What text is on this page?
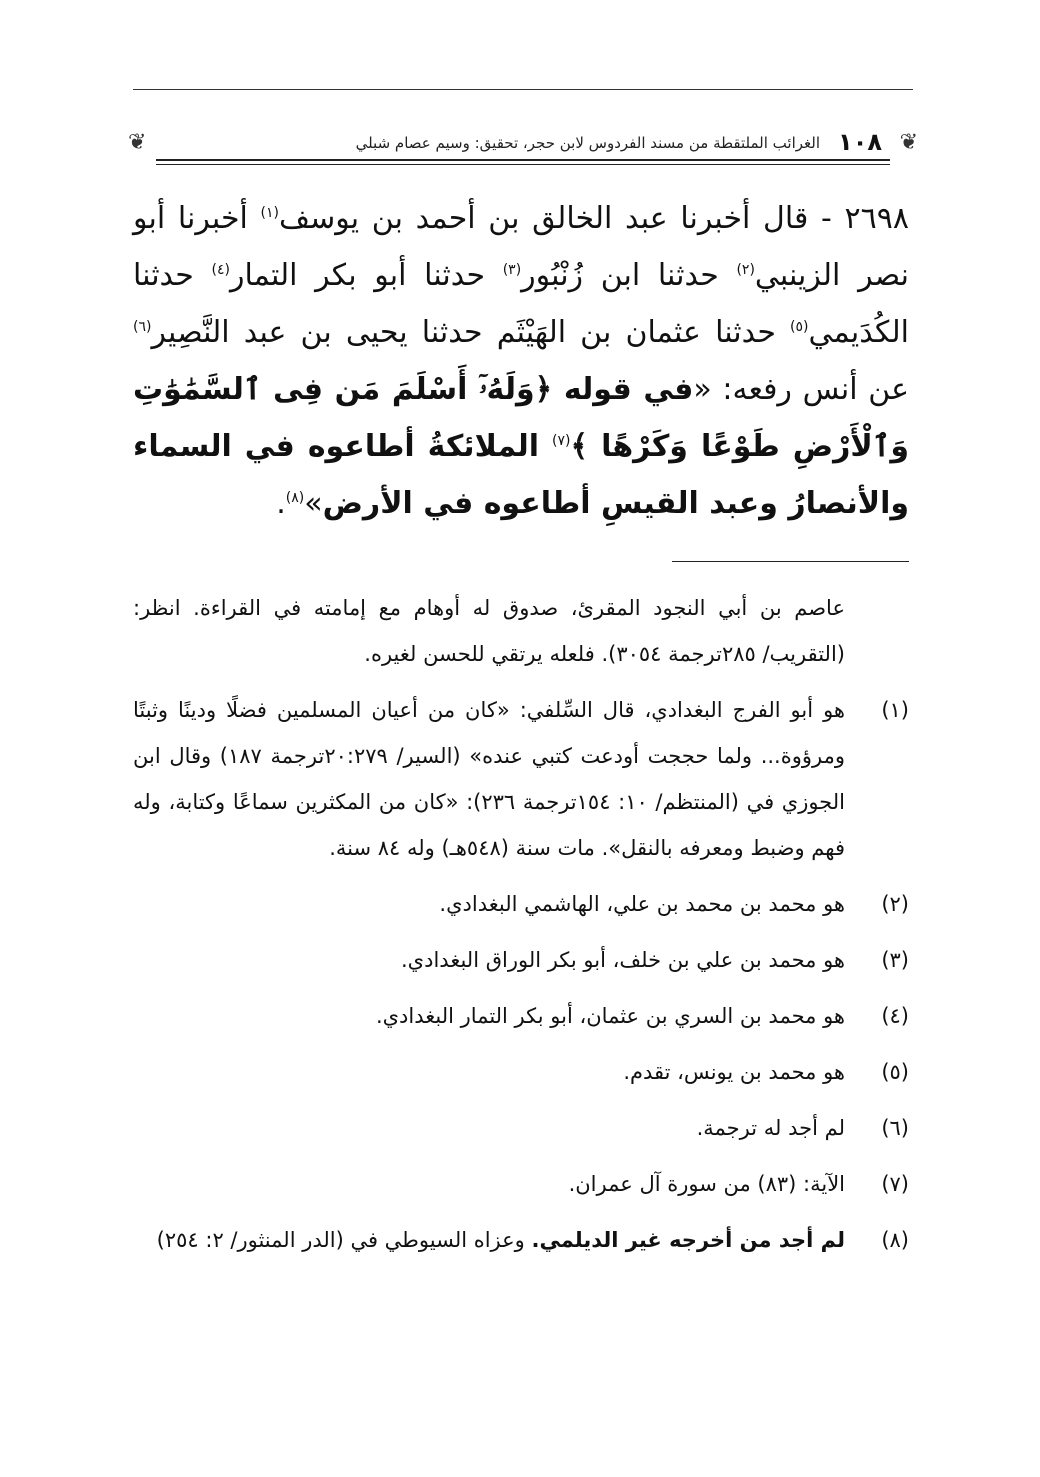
❦
١٠٨
الغرائب الملتقطة من مسند الفردوس لابن حجر، تحقيق: وسيم عصام شبلي
❦
٢٦٩٨ - قال أخبرنا عبد الخالق بن أحمد بن يوسف$^{(١)}$ أخبرنا أبو نصر الزينبي$^{(٢)}$ حدثنا ابن زُنْبُور$^{(٣)}$ حدثنا أبو بكر التمار$^{(٤)}$ حدثنا الكُدَيمي$^{(٥)}$ حدثنا عثمان بن الهَيْثَم حدثنا يحيى بن عبد النَّصِير$^{(٦)}$ عن أنس رفعه: «في قوله ﴿وَلَهُۥٓ أَسْلَمَ مَن فِى ٱلسَّمَٰوَٰتِ وَٱلْأَرْضِ طَوْعًا وَكَرْهًا ﴾$^{(٧)}$ الملائكةُ أطاعوه في السماء والأنصارُ وعبد القيسِ أطاعوه في الأرض»$^{(٨)}$.
عاصم بن أبي النجود المقرئ، صدوق له أوهام مع إمامته في القراءة. انظر: (التقريب/ ٢٨٥ترجمة ٣٠٥٤). فلعله يرتقي للحسن لغيره.
(١)
هو أبو الفرج البغدادي، قال السِّلفي: «كان من أعيان المسلمين فضلًا ودينًا وثبتًا ومرؤوة... ولما حججت أودعت كتبي عنده» (السير/ ٢٠:٢٧٩ترجمة ١٨٧) وقال ابن الجوزي في (المنتظم/ ١٠: ١٥٤ترجمة ٢٣٦): «كان من المكثرين سماعًا وكتابة، وله فهم وضبط ومعرفه بالنقل». مات سنة (٥٤٨هـ) وله ٨٤ سنة.
(٢)
هو محمد بن محمد بن علي، الهاشمي البغدادي.
(٣)
هو محمد بن علي بن خلف، أبو بكر الوراق البغدادي.
(٤)
هو محمد بن السري بن عثمان، أبو بكر التمار البغدادي.
(٥)
هو محمد بن يونس، تقدم.
(٦)
لم أجد له ترجمة.
(٧)
الآية: (٨٣) من سورة آل عمران.
(٨)
لم أجد من أخرجه غير الديلمي. وعزاه السيوطي في (الدر المنثور/ ٢: ٢٥٤)
